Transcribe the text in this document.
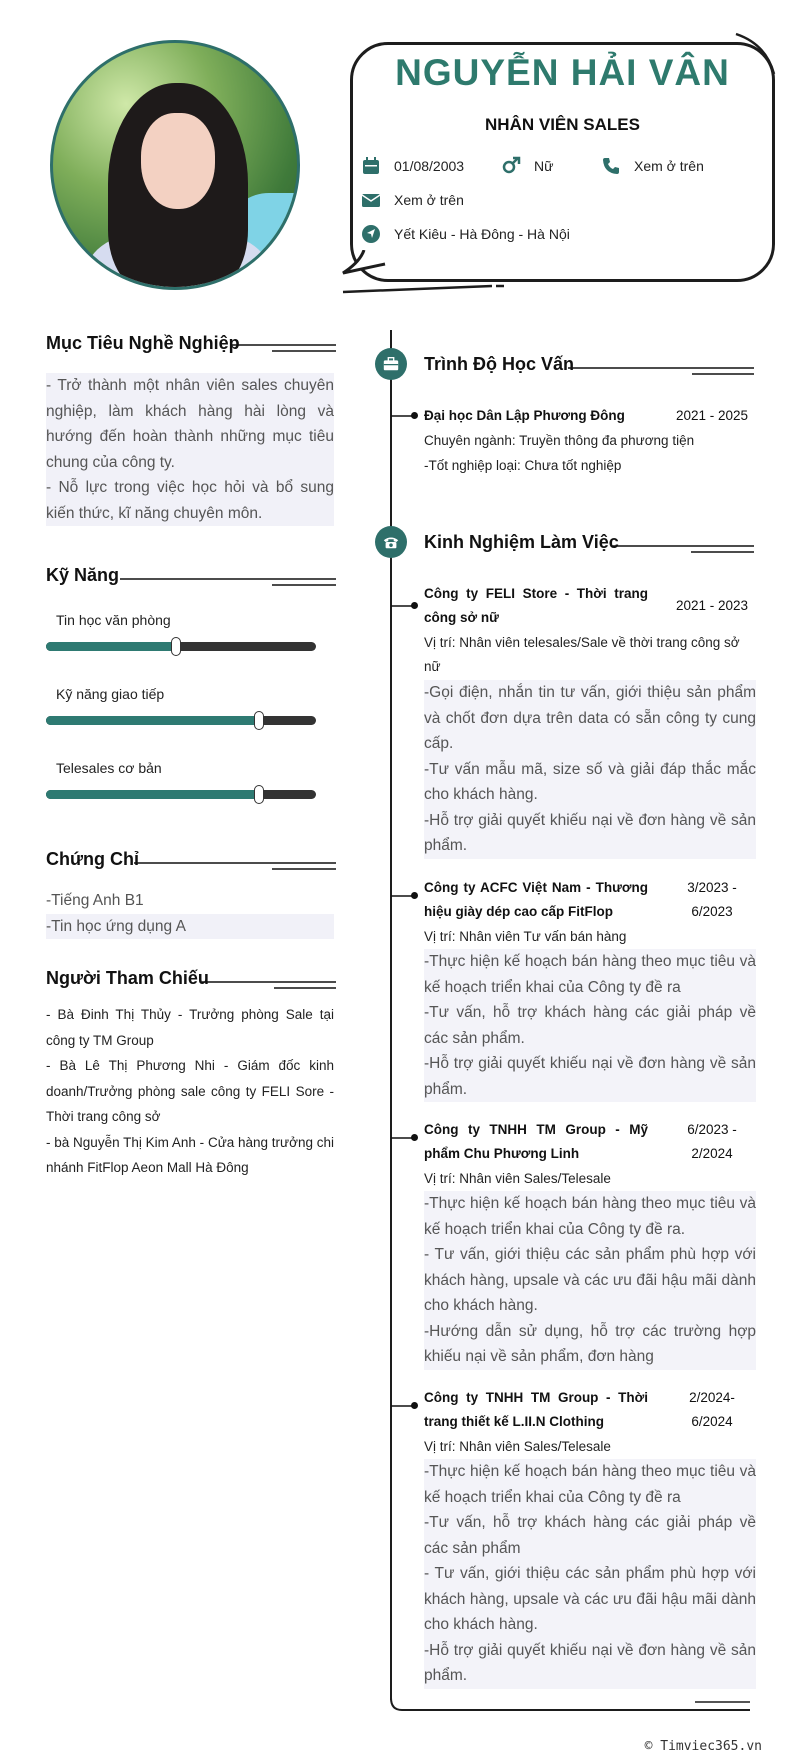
NGUYỄN HẢI VÂN
NHÂN VIÊN SALES
01/08/2003	Nữ	Xem ở trên
Xem ở trên
Yết Kiêu - Hà Đông - Hà Nội
Mục Tiêu Nghề Nghiệp
- Trở thành một nhân viên sales chuyên nghiệp, làm khách hàng hài lòng và hướng đến hoàn thành những mục tiêu chung của công ty.
- Nỗ lực trong việc học hỏi và bổ sung kiến thức, kĩ năng chuyên môn.
Kỹ Năng
Tin học văn phòng
Kỹ năng giao tiếp
Telesales cơ bản
Chứng Chỉ
-Tiếng Anh B1
-Tin học ứng dụng A
Người Tham Chiếu
- Bà Đinh Thị Thủy - Trưởng phòng Sale tại công ty TM Group
- Bà Lê Thị Phương Nhi - Giám đốc kinh doanh/Trưởng phòng sale công ty FELI Sore - Thời trang công sở
- bà Nguyễn Thị Kim Anh - Cửa hàng trưởng chi nhánh FitFlop Aeon Mall Hà Đông
Trình Độ Học Vấn
Đại học Dân Lập Phương Đông	2021 - 2025
Chuyên ngành: Truyền thông đa phương tiện
-Tốt nghiệp loại: Chưa tốt nghiệp
Kinh Nghiệm Làm Việc
Công ty FELI Store - Thời trang công sở nữ
2021 - 2023
Vị trí: Nhân viên telesales/Sale về thời trang công sở nữ
-Gọi điện, nhắn tin tư vấn, giới thiệu sản phẩm và chốt đơn dựa trên data có sẵn công ty cung cấp.
-Tư vấn mẫu mã, size số và giải đáp thắc mắc cho khách hàng.
-Hỗ trợ giải quyết khiếu nại về đơn hàng về sản phẩm.
Công ty ACFC Việt Nam - Thương hiệu giày dép cao cấp FitFlop
3/2023 - 6/2023
Vị trí: Nhân viên Tư vấn bán hàng
-Thực hiện kế hoạch bán hàng theo mục tiêu và kế hoạch triển khai của Công ty đề ra
-Tư vấn, hỗ trợ khách hàng các giải pháp về các sản phẩm.
-Hỗ trợ giải quyết khiếu nại về đơn hàng về sản phẩm.
Công ty TNHH TM Group - Mỹ phẩm Chu Phương Linh
6/2023 - 2/2024
Vị trí: Nhân viên Sales/Telesale
-Thực hiện kế hoạch bán hàng theo mục tiêu và kế hoạch triển khai của Công ty đề ra.
- Tư vấn, giới thiệu các sản phẩm phù hợp với khách hàng, upsale và các ưu đãi hậu mãi dành cho khách hàng.
-Hướng dẫn sử dụng, hỗ trợ các trường hợp khiếu nại về sản phẩm, đơn hàng
Công ty TNHH TM Group - Thời trang thiết kế L.II.N Clothing
2/2024- 6/2024
Vị trí: Nhân viên Sales/Telesale
-Thực hiện kế hoạch bán hàng theo mục tiêu và kế hoạch triển khai của Công ty đề ra
-Tư vấn, hỗ trợ khách hàng các giải pháp về các sản phẩm
- Tư vấn, giới thiệu các sản phẩm phù hợp với khách hàng, upsale và các ưu đãi hậu mãi dành cho khách hàng.
-Hỗ trợ giải quyết khiếu nại về đơn hàng về sản phẩm.
© Timviec365.vn
